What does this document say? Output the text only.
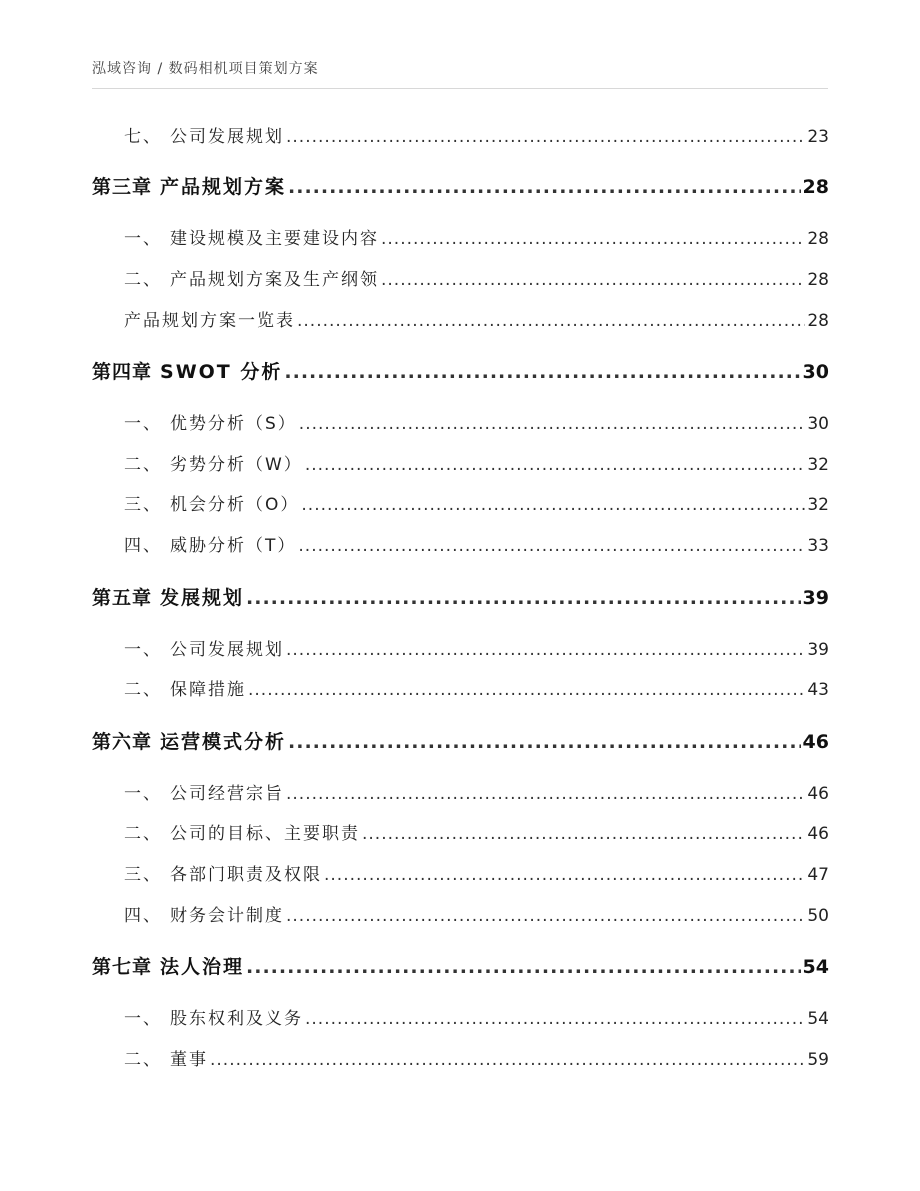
泓域咨询 / 数码相机项目策划方案
七、 公司发展规划 .....	23
第三章 产品规划方案 .....	28
一、 建设规模及主要建设内容 .....	28
二、 产品规划方案及生产纲领 .....	28
产品规划方案一览表 .....	28
第四章 SWOT 分析 .....	30
一、 优势分析（S） .....	30
二、 劣势分析（W） .....	32
三、 机会分析（O） .....	32
四、 威胁分析（T） .....	33
第五章 发展规划 .....	39
一、 公司发展规划 .....	39
二、 保障措施 .....	43
第六章 运营模式分析 .....	46
一、 公司经营宗旨 .....	46
二、 公司的目标、主要职责 .....	46
三、 各部门职责及权限 .....	47
四、 财务会计制度 .....	50
第七章 法人治理 .....	54
一、 股东权利及义务 .....	54
二、 董事 .....	59
